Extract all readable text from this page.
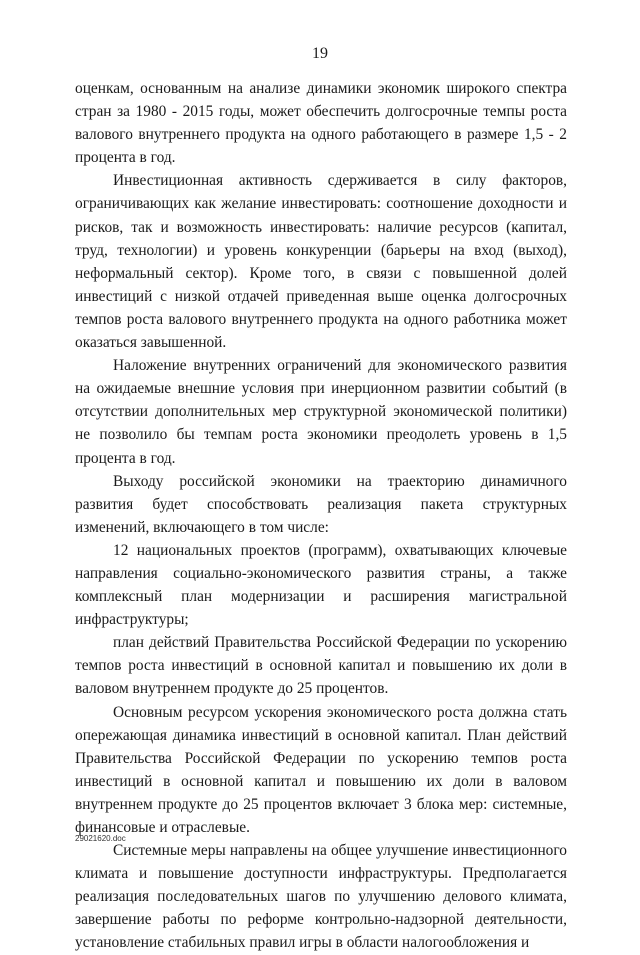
19

оценкам, основанным на анализе динамики экономик широкого спектра стран за 1980 - 2015 годы, может обеспечить долгосрочные темпы роста валового внутреннего продукта на одного работающего в размере 1,5 - 2 процента в год.

Инвестиционная активность сдерживается в силу факторов, ограничивающих как желание инвестировать: соотношение доходности и рисков, так и возможность инвестировать: наличие ресурсов (капитал, труд, технологии) и уровень конкуренции (барьеры на вход (выход), неформальный сектор). Кроме того, в связи с повышенной долей инвестиций с низкой отдачей приведенная выше оценка долгосрочных темпов роста валового внутреннего продукта на одного работника может оказаться завышенной.

Наложение внутренних ограничений для экономического развития на ожидаемые внешние условия при инерционном развитии событий (в отсутствии дополнительных мер структурной экономической политики) не позволило бы темпам роста экономики преодолеть уровень в 1,5 процента в год.

Выходу российской экономики на траекторию динамичного развития будет способствовать реализация пакета структурных изменений, включающего в том числе:

12 национальных проектов (программ), охватывающих ключевые направления социально-экономического развития страны, а также комплексный план модернизации и расширения магистральной инфраструктуры;

план действий Правительства Российской Федерации по ускорению темпов роста инвестиций в основной капитал и повышению их доли в валовом внутреннем продукте до 25 процентов.

Основным ресурсом ускорения экономического роста должна стать опережающая динамика инвестиций в основной капитал. План действий Правительства Российской Федерации по ускорению темпов роста инвестиций в основной капитал и повышению их доли в валовом внутреннем продукте до 25 процентов включает 3 блока мер: системные, финансовые и отраслевые.

Системные меры направлены на общее улучшение инвестиционного климата и повышение доступности инфраструктуры. Предполагается реализация последовательных шагов по улучшению делового климата, завершение работы по реформе контрольно-надзорной деятельности, установление стабильных правил игры в области налогообложения и

29021620.doc
